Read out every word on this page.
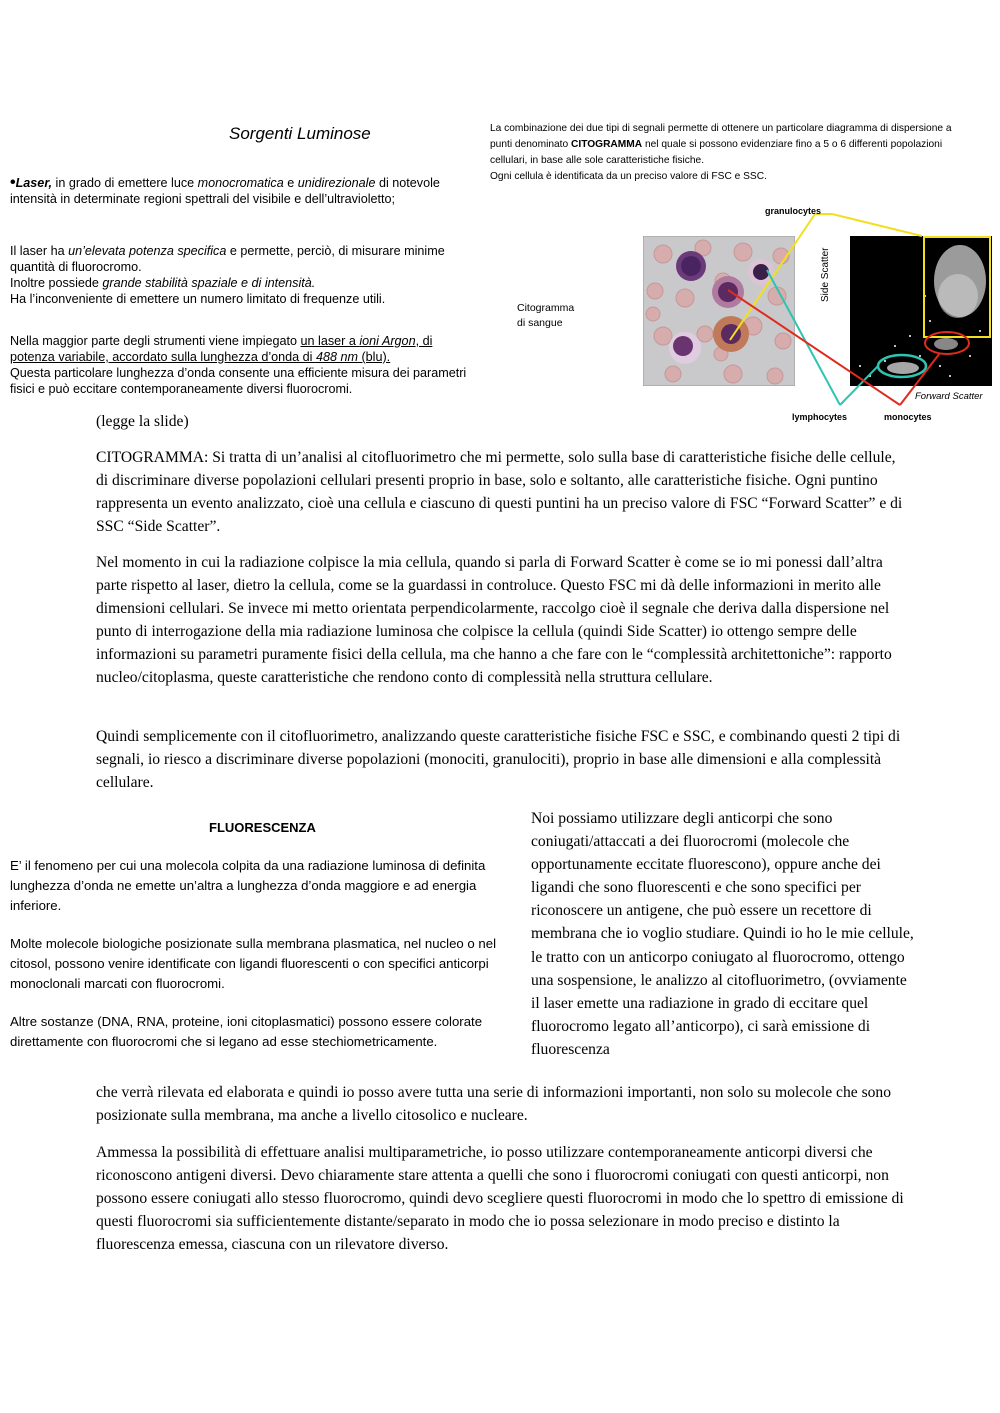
Sorgenti Luminose

•Laser, in grado di emettere luce monocromatica e unidirezionale di notevole intensità in determinate regioni spettrali del visibile e dell’ultravioletto;

Il laser ha un’elevata potenza specifica e permette, perciò, di misurare minime quantità di fluorocromo.

Inoltre possiede grande stabilità spaziale e di intensità.

Ha l’inconveniente di emettere un numero limitato di frequenze utili.

Nella maggior parte degli strumenti viene impiegato un laser a ioni Argon, di potenza variabile, accordato sulla lunghezza d’onda di 488 nm (blu).

Questa particolare lunghezza d’onda consente una efficiente misura dei parametri fisici e può eccitare contemporaneamente diversi fluorocromi.

La combinazione dei due tipi di segnali permette di ottenere un particolare diagramma di dispersione a punti denominato CITOGRAMMA nel quale si possono evidenziare fino a 5 o 6 differenti popolazioni cellulari, in base alle sole caratteristiche fisiche.

Ogni cellula è identificata da un preciso valore di FSC e SSC.

Citogramma
di sangue
granulocytes
Side Scatter
Forward Scatter
lymphocytes	monocytes
(legge la slide)
CITOGRAMMA: Si tratta di un’analisi al citofluorimetro che mi permette, solo sulla base di caratteristiche fisiche delle cellule, di discriminare diverse popolazioni cellulari presenti proprio in base, solo e soltanto, alle caratteristiche fisiche. Ogni puntino rappresenta un evento analizzato, cioè una cellula e ciascuno di questi puntini ha un preciso valore di FSC “Forward Scatter” e di SSC “Side Scatter”.
Nel momento in cui la radiazione colpisce la mia cellula, quando si parla di Forward Scatter è come se io mi ponessi dall’altra parte rispetto al laser, dietro la cellula, come se la guardassi in controluce. Questo FSC mi dà delle informazioni in merito alle dimensioni cellulari. Se invece mi metto orientata perpendicolarmente, raccolgo cioè il segnale che deriva dalla dispersione nel punto di interrogazione della mia radiazione luminosa che colpisce la cellula (quindi Side Scatter) io ottengo sempre delle informazioni su parametri puramente fisici della cellula, ma che hanno a che fare con le “complessità architettoniche”: rapporto nucleo/citoplasma, queste caratteristiche che rendono conto di complessità nella struttura cellulare.
Quindi semplicemente con il citofluorimetro, analizzando queste caratteristiche fisiche FSC e SSC, e combinando questi 2 tipi di segnali, io riesco a discriminare diverse popolazioni (monociti, granulociti), proprio in base alle dimensioni e alla complessità cellulare.
FLUORESCENZA
E’ il fenomeno per cui una molecola colpita da una radiazione luminosa di definita lunghezza d’onda ne emette un’altra a lunghezza d’onda maggiore e ad energia inferiore.
Molte molecole biologiche posizionate sulla membrana plasmatica, nel nucleo o nel citosol, possono venire identificate con ligandi fluorescenti o con specifici anticorpi monoclonali marcati con fluorocromi.
Altre sostanze (DNA, RNA, proteine, ioni citoplasmatici) possono essere colorate direttamente con fluorocromi che si legano ad esse stechiometricamente.
Noi possiamo utilizzare degli anticorpi che sono coniugati/attaccati a dei fluorocromi (molecole che opportunamente eccitate fluorescono), oppure anche dei ligandi che sono fluorescenti e che sono specifici per riconoscere un antigene, che può essere un recettore di membrana che io voglio studiare. Quindi io ho le mie cellule, le tratto con un anticorpo coniugato al fluorocromo, ottengo una sospensione, le analizzo al citofluorimetro, (ovviamente il laser emette una radiazione in grado di eccitare quel fluorocromo legato all’anticorpo), ci sarà emissione di fluorescenza
che verrà rilevata ed elaborata e quindi io posso avere tutta una serie di informazioni importanti, non solo su molecole che sono posizionate sulla membrana, ma anche a livello citosolico e nucleare.
Ammessa la possibilità di effettuare analisi multiparametriche, io posso utilizzare contemporaneamente anticorpi diversi che riconoscono antigeni diversi. Devo chiaramente stare attenta a quelli che sono i fluorocromi coniugati con questi anticorpi, non possono essere coniugati allo stesso fluorocromo, quindi devo scegliere questi fluorocromi in modo che lo spettro di emissione di questi fluorocromi sia sufficientemente distante/separato in modo che io possa selezionare in modo preciso e distinto la fluorescenza emessa, ciascuna con un rilevatore diverso.
